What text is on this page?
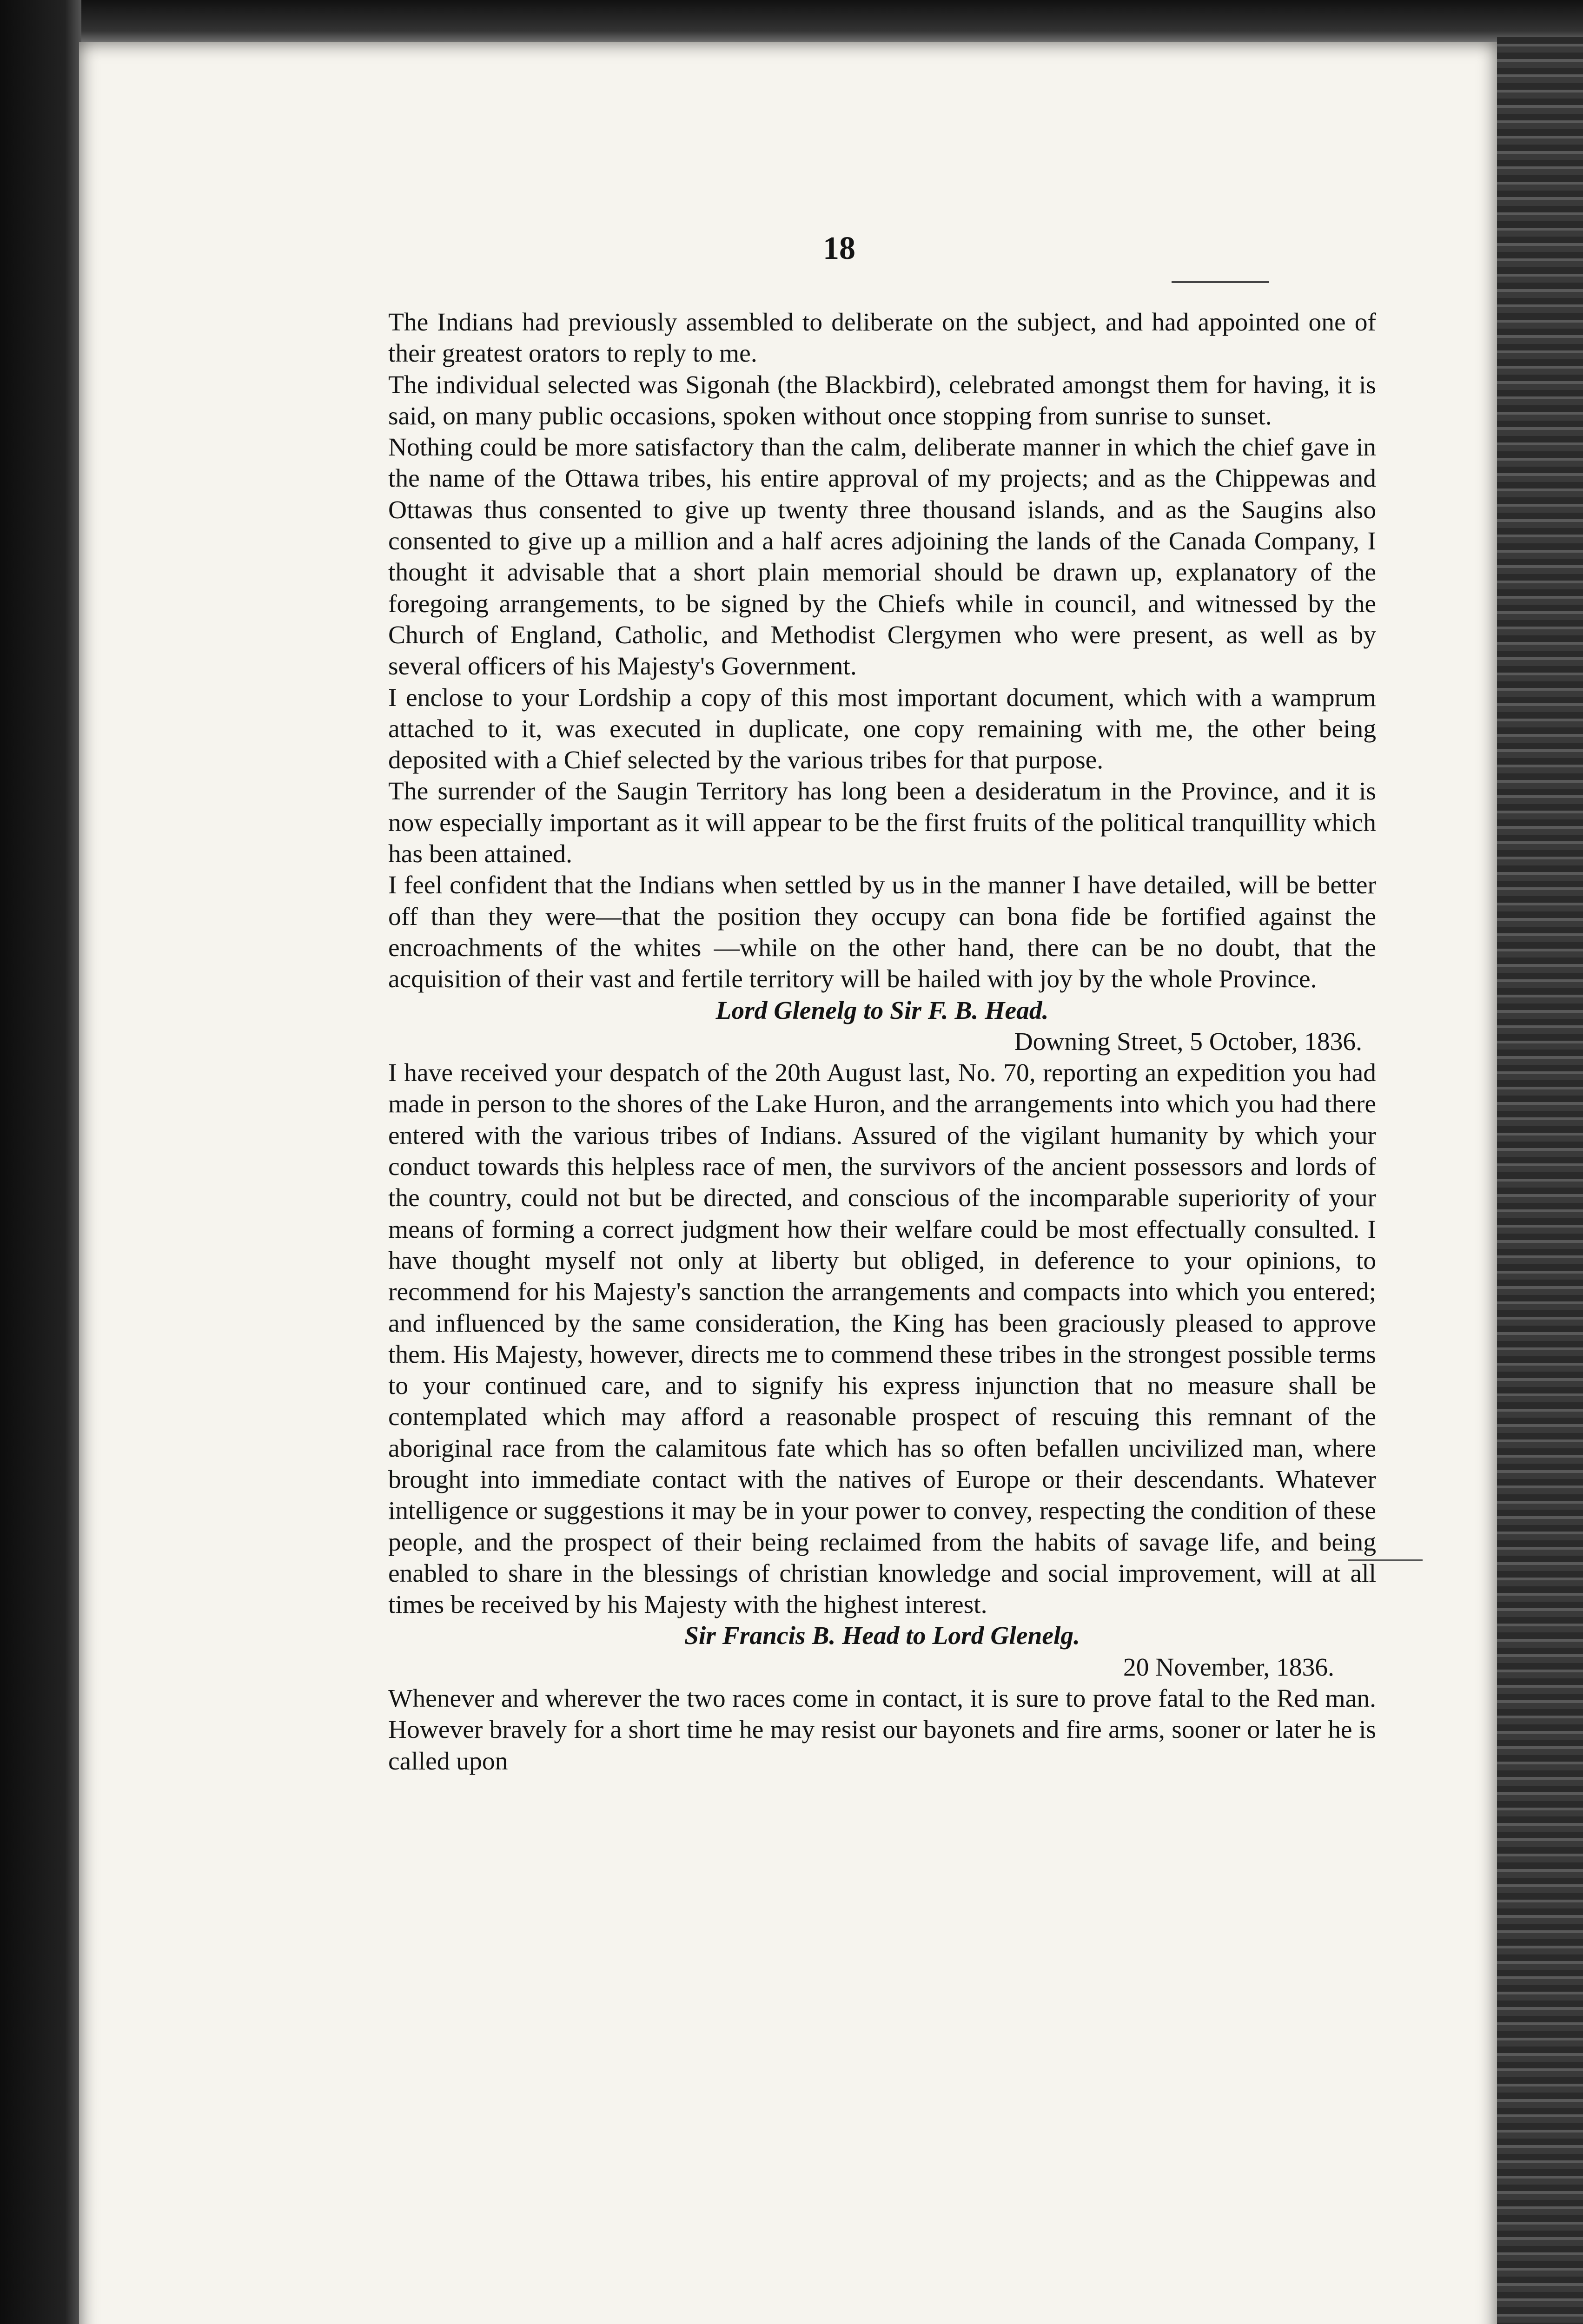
18

The Indians had previously assembled to deliberate on the subject, and had appointed one of their greatest orators to reply to me.

The individual selected was Sigonah (the Blackbird), celebrated amongst them for having, it is said, on many public occasions, spoken without once stopping from sunrise to sunset.

Nothing could be more satisfactory than the calm, deliberate manner in which the chief gave in the name of the Ottawa tribes, his entire approval of my projects; and as the Chippewas and Ottawas thus consented to give up twenty three thousand islands, and as the Saugins also consented to give up a million and a half acres adjoining the lands of the Canada Company, I thought it advisable that a short plain memorial should be drawn up, explanatory of the foregoing arrangements, to be signed by the Chiefs while in council, and witnessed by the Church of England, Catholic, and Methodist Clergymen who were present, as well as by several officers of his Majesty's Government.

I enclose to your Lordship a copy of this most important document, which with a wamprum attached to it, was executed in duplicate, one copy remaining with me, the other being deposited with a Chief selected by the various tribes for that purpose.

The surrender of the Saugin Territory has long been a desideratum in the Province, and it is now especially important as it will appear to be the first fruits of the political tranquillity which has been attained.

I feel confident that the Indians when settled by us in the manner I have detailed, will be better off than they were—that the position they occupy can bona fide be fortified against the encroachments of the whites —while on the other hand, there can be no doubt, that the acquisition of their vast and fertile territory will be hailed with joy by the whole Province.

Lord Glenelg to Sir F. B. Head.

Downing Street, 5 October, 1836.

I have received your despatch of the 20th August last, No. 70, reporting an expedition you had made in person to the shores of the Lake Huron, and the arrangements into which you had there entered with the various tribes of Indians. Assured of the vigilant humanity by which your conduct towards this helpless race of men, the survivors of the ancient possessors and lords of the country, could not but be directed, and conscious of the incomparable superiority of your means of forming a correct judgment how their welfare could be most effectually consulted. I have thought myself not only at liberty but obliged, in deference to your opinions, to recommend for his Majesty's sanction the arrangements and compacts into which you entered; and influenced by the same consideration, the King has been graciously pleased to approve them. His Majesty, however, directs me to commend these tribes in the strongest possible terms to your continued care, and to signify his express injunction that no measure shall be contemplated which may afford a reasonable prospect of rescuing this remnant of the aboriginal race from the calamitous fate which has so often befallen uncivilized man, where brought into immediate contact with the natives of Europe or their descendants. Whatever intelligence or suggestions it may be in your power to convey, respecting the condition of these people, and the prospect of their being reclaimed from the habits of savage life, and being enabled to share in the blessings of christian knowledge and social improvement, will at all times be received by his Majesty with the highest interest.

Sir Francis B. Head to Lord Glenelg.

20 November, 1836.

Whenever and wherever the two races come in contact, it is sure to prove fatal to the Red man. However bravely for a short time he may resist our bayonets and fire arms, sooner or later he is called upon
